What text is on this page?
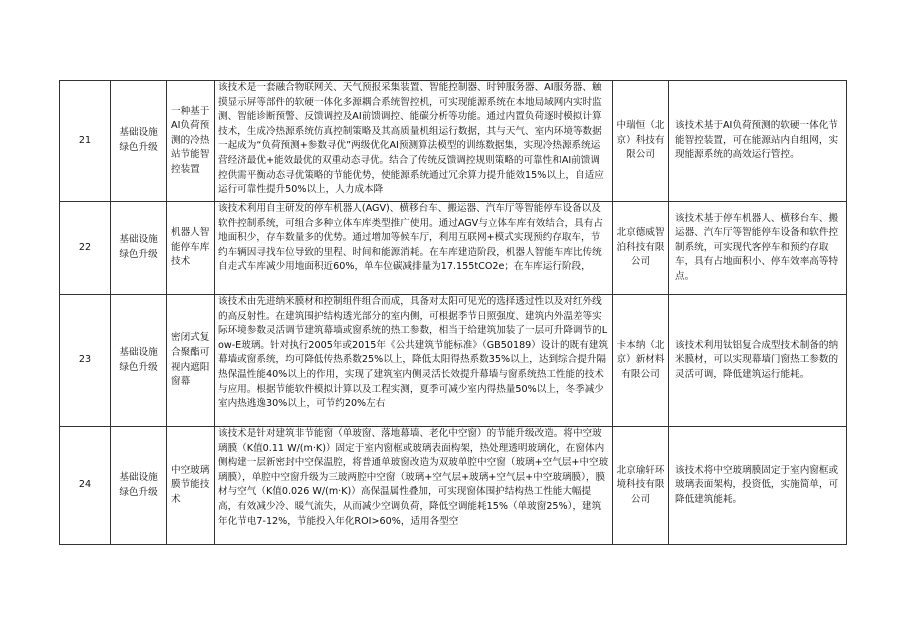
21	基础设施绿色升级	一种基于AI负荷预测的冷热站节能智控装置	该技术是一套融合物联网关、天气预报采集装置、智能控制器、时钟服务器、AI服务器、触摸显示屏等部件的软硬一体化多源耦合系统智控机，可实现能源系统在本地局域网内实时监测、智能诊断预警、反馈调控及AI前馈调控、能碳分析等功能。通过内置负荷逐时模拟计算技术，生成冷热源系统仿真控制策略及其高质量机组运行数据，其与天气、室内环境等数据一起成为“负荷预测+参数寻优”两级优化AI预测算法模型的训练数据集，实现冷热源系统运营经济最优+能效最优的双重动态寻优。结合了传统反馈调控规则策略的可靠性和AI前馈调控供需平衡动态寻优策略的节能优势，使能源系统通过冗余算力提升能效15%以上，自适应运行可靠性提升50%以上，人力成本降	中瑞恒（北京）科技有限公司	该技术基于AI负荷预测的软硬一体化节能智控装置，可在能源站内自组网，实现能源系统的高效运行管控。
22	基础设施绿色升级	机器人智能停车库技术	该技术利用自主研发的停车机器人(AGV)、横移台车、搬运器、汽车厅等智能停车设备以及软件控制系统，可组合多种立体车库类型推广使用。通过AGV与立体车库有效结合，具有占地面积少，存车数量多的优势。通过增加等候车厅，利用互联网+模式实现预约存取车，节约车辆因寻找车位导致的里程、时间和能源消耗。在车库建造阶段，机器人智能车库比传统自走式车库减少用地面积近60%，单车位碳减排量为17.155tCO2e；在车库运行阶段，	北京德威智泊科技有限公司	该技术基于停车机器人、横移台车、搬运器、汽车厅等智能停车设备和软件控制系统，可实现代客停车和预约存取车，具有占地面积小、停车效率高等特点。
23	基础设施绿色升级	密闭式复合聚酯可视内遮阳窗幕	该技术由先进纳米膜材和控制组件组合而成，具备对太阳可见光的选择透过性以及对红外线的高反射性。在建筑围护结构透光部分的室内侧，可根据季节日照强度、建筑内外温差等实际环境参数灵活调节建筑幕墙或窗系统的热工参数，相当于给建筑加装了一层可升降调节的Low-E玻璃。针对执行2005年或2015年《公共建筑节能标准》（GB50189）设计的既有建筑幕墙或窗系统，均可降低传热系数25%以上，降低太阳得热系数35%以上，达到综合提升隔热保温性能40%以上的作用，实现了建筑室内侧灵活长效提升幕墙与窗系统热工性能的技术与应用。根据节能软件模拟计算以及工程实测，夏季可减少室内得热量50%以上，冬季减少室内热逃逸30%以上，可节约20%左右	卡本纳（北京）新材料有限公司	该技术利用钛铝复合成型技术制备的纳米膜材，可以实现幕墙门窗热工参数的灵活可调，降低建筑运行能耗。
24	基础设施绿色升级	中空玻璃膜节能技术	该技术是针对建筑非节能窗（单玻窗、落地幕墙、老化中空窗）的节能升级改造。将中空玻璃膜（K值0.11 W/(m·K)）固定于室内窗框或玻璃表面构架，热处理透明玻璃化，在窗体内侧构建一层新密封中空保温腔，将普通单玻窗改造为双玻单腔中空窗（玻璃+空气层+中空玻璃膜），单腔中空窗升级为三玻两腔中空窗（玻璃+空气层+玻璃+空气层+中空玻璃膜），膜材与空气（K值0.026 W/(m·K)）高保温属性叠加，可实现窗体围护结构热工性能大幅提高，有效减少冷、暖气流失，从而减少空调负荷，降低空调能耗15%（单玻窗25%），建筑年化节电7-12%，节能投入年化ROI>60%，适用各型空	北京瑜轩环境科技有限公司	该技术将中空玻璃膜固定于室内窗框或玻璃表面架构，投资低，实施简单，可降低建筑能耗。
